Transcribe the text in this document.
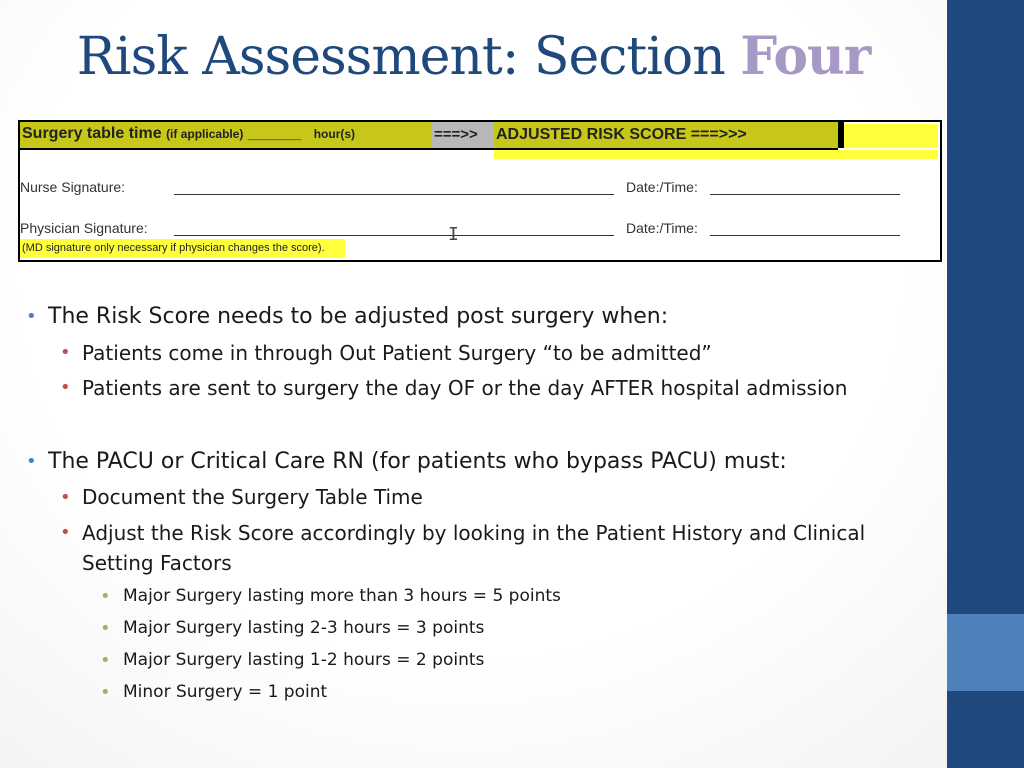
Risk Assessment: Section Four
Surgery table time (if applicable) ______ hour(s)	===>> ADJUSTED RISK SCORE ===>>>
Nurse Signature:	Date:/Time:
Physician Signature:	Date:/Time:
I
(MD signature only necessary if physician changes the score).
• The Risk Score needs to be adjusted post surgery when:
• Patients come in through Out Patient Surgery “to be admitted”
• Patients are sent to surgery the day OF or the day AFTER hospital admission
• The PACU or Critical Care RN (for patients who bypass PACU) must:
• Document the Surgery Table Time
• Adjust the Risk Score accordingly by looking in the Patient History and Clinical
Setting Factors
• Major Surgery lasting more than 3 hours = 5 points
• Major Surgery lasting 2-3 hours = 3 points
• Major Surgery lasting 1-2 hours = 2 points
• Minor Surgery = 1 point
